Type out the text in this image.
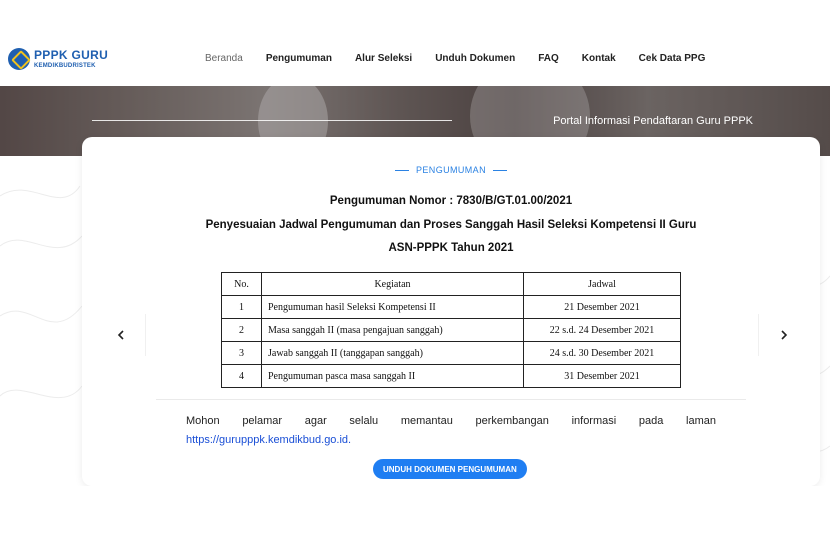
PPPK GURU
KEMDIKBUDRISTEK
Beranda Pengumuman Alur Seleksi Unduh Dokumen FAQ Kontak Cek Data PPG
Portal Informasi Pendaftaran Guru PPPK
PENGUMUMAN
Pengumuman Nomor : 7830/B/GT.01.00/2021
Penyesuaian Jadwal Pengumuman dan Proses Sanggah Hasil Seleksi Kompetensi II Guru
ASN-PPPK Tahun 2021
No.	Kegiatan	Jadwal
1	Pengumuman hasil Seleksi Kompetensi II	21 Desember 2021
2	Masa sanggah II (masa pengajuan sanggah)	22 s.d. 24 Desember 2021
3	Jawab sanggah II (tanggapan sanggah)	24 s.d. 30 Desember 2021
4	Pengumuman pasca masa sanggah II	31 Desember 2021

Mohon pelamar agar selalu memantau perkembangan informasi pada laman https://gurupppk.kemdikbud.go.id.

UNDUH DOKUMEN PENGUMUMAN
